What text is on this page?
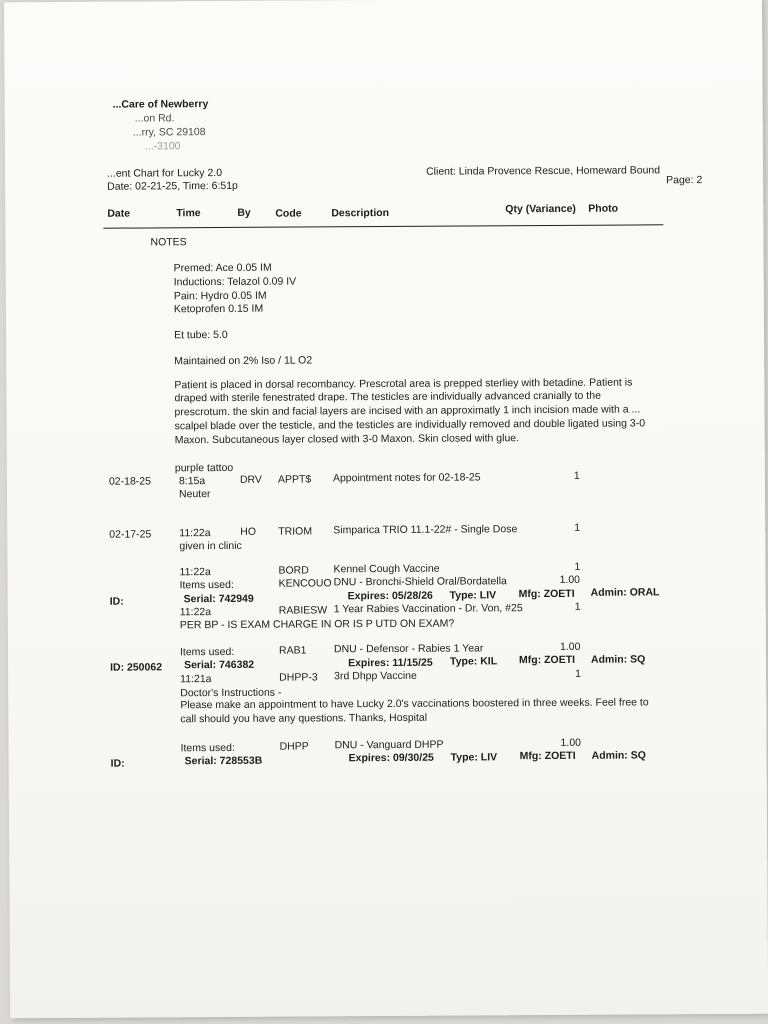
...Care of Newberry
...on Rd.
...rry, SC 29108
...-3100
...ent Chart for Lucky 2.0
Date: 02-21-25, Time: 6:51p
Client: Linda Provence Rescue, Homeward Bound
Page: 2
Date	Time	By Code	Description	Qty (Variance) Photo
NOTES
Premed: Ace 0.05 IM
Inductions: Telazol 0.09 IV
Pain: Hydro 0.05 IM
Ketoprofen 0.15 IM
Et tube: 5.0
Maintained on 2% Iso / 1L O2
Patient is placed in dorsal recombancy. Prescrotal area is prepped sterliey with betadine. Patient is
draped with sterile fenestrated drape. The testicles are individually advanced cranially to the
prescrotum. the skin and facial layers are incised with an approximatly 1 inch incision made with a ...
scalpel blade over the testicle, and the testicles are individually removed and double ligated using 3-0
Maxon. Subcutaneous layer closed with 3-0 Maxon. Skin closed with glue.
purple tattoo
02-18-25	8:15a	DRV APPT$ Appointment notes for 02-18-25	1
Neuter
02-17-25	11:22a	HO TRIOM Simparica TRIO 11.1-22# - Single Dose	1
given in clinic
11:22a	BORD Kennel Cough Vaccine	1
Items used:	KENCOUO DNU - Bronchi-Shield Oral/Bordatella	1.00
ID:	Serial: 742949	Expires: 05/28/26 Type: LIV Mfg: ZOETI Admin: ORAL
11:22a	RABIESW 1 Year Rabies Vaccination - Dr. Von, #25	1
PER BP - IS EXAM CHARGE IN OR IS P UTD ON EXAM?
Items used:	RAB1	DNU - Defensor - Rabies 1 Year	1.00
ID: 250062 Serial: 746382	Expires: 11/15/25 Type: KIL Mfg: ZOETI Admin: SQ
11:21a	DHPP-3 3rd Dhpp Vaccine	1
Doctor's Instructions -
Please make an appointment to have Lucky 2.0's vaccinations boostered in three weeks. Feel free to
call should you have any questions. Thanks, Hospital
Items used:	DHPP DNU - Vanguard DHPP	1.00
ID:	Serial: 728553B	Expires: 09/30/25 Type: LIV Mfg: ZOETI Admin: SQ
